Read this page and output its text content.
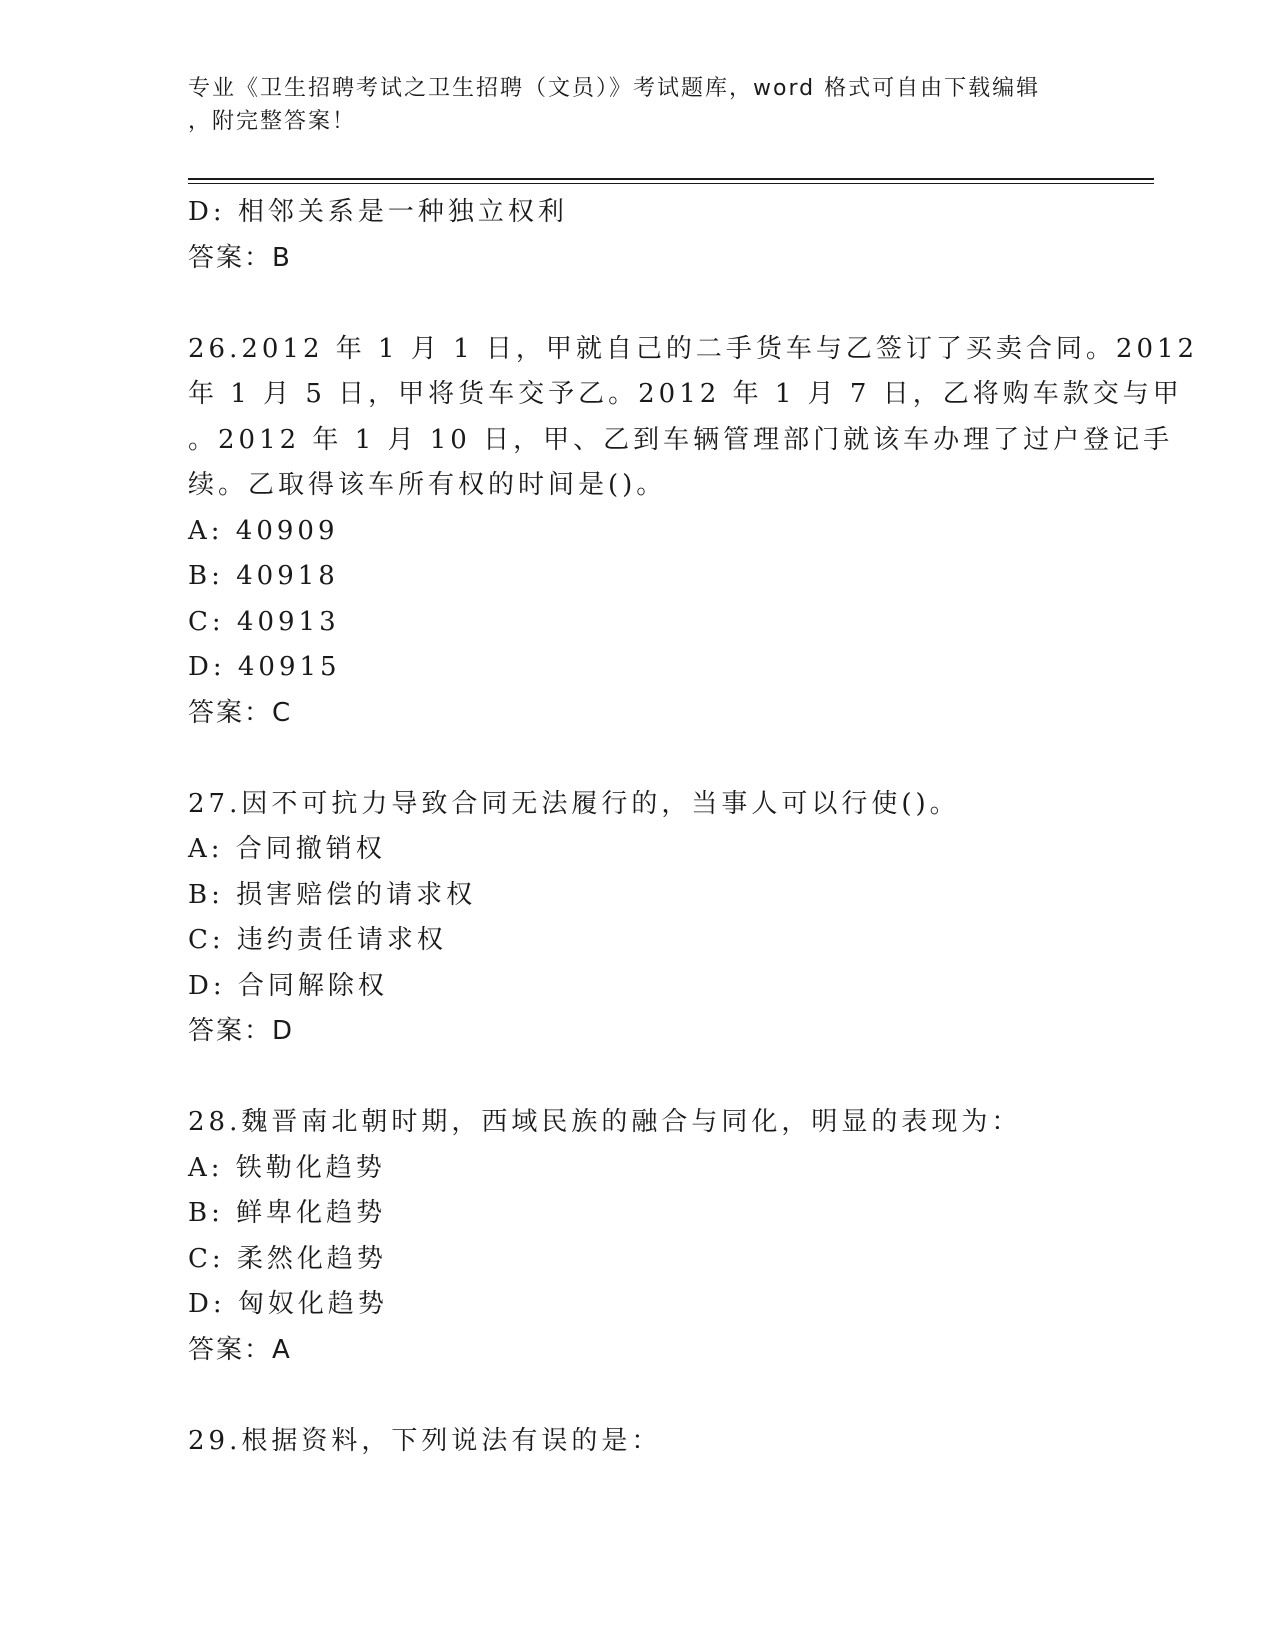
专业《卫生招聘考试之卫生招聘（文员）》考试题库，word 格式可自由下载编辑
，附完整答案！
D: 相邻关系是一种独立权利
答案：B
26.2012 年 1 月 1 日，甲就自己的二手货车与乙签订了买卖合同。2012
年 1 月 5 日，甲将货车交予乙。2012 年 1 月 7 日，乙将购车款交与甲
。2012 年 1 月 10 日，甲、乙到车辆管理部门就该车办理了过户登记手
续。乙取得该车所有权的时间是()。
A: 40909
B: 40918
C: 40913
D: 40915
答案：C
27.因不可抗力导致合同无法履行的，当事人可以行使()。
A: 合同撤销权
B: 损害赔偿的请求权
C: 违约责任请求权
D: 合同解除权
答案：D
28.魏晋南北朝时期，西域民族的融合与同化，明显的表现为：
A: 铁勒化趋势
B: 鲜卑化趋势
C: 柔然化趋势
D: 匈奴化趋势
答案：A
29.根据资料，下列说法有误的是：
